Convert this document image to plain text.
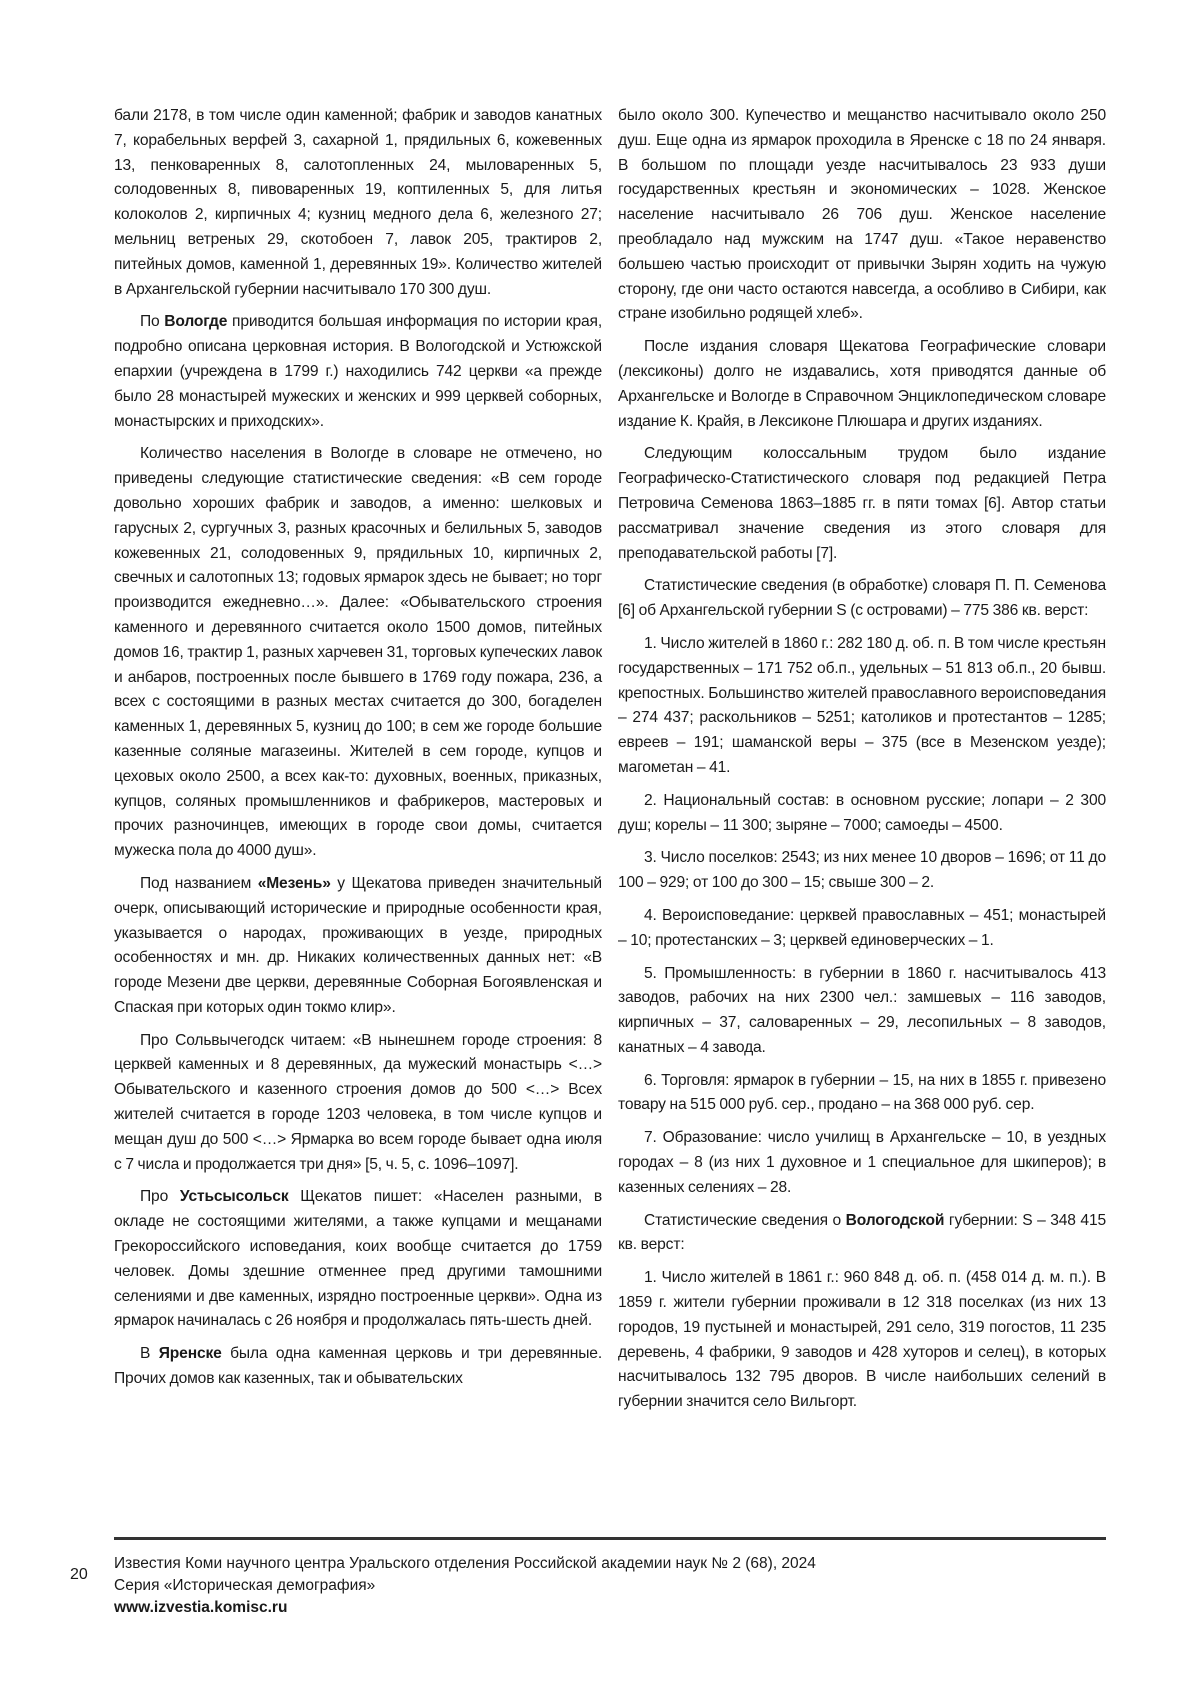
бали 2178, в том числе один каменной; фабрик и заводов канатных 7, корабельных верфей 3, сахарной 1, прядильных 6, кожевенных 13, пенковаренных 8, салотопленных 24, мыловаренных 5, солодовенных 8, пивоваренных 19, коптиленных 5, для литья колоколов 2, кирпичных 4; кузниц медного дела 6, железного 27; мельниц ветреных 29, скотобоен 7, лавок 205, трактиров 2, питейных домов, каменной 1, деревянных 19». Количество жителей в Архангельской губернии насчитывало 170 300 душ.

По Вологде приводится большая информация по истории края, подробно описана церковная история. В Вологодской и Устюжской епархии (учреждена в 1799 г.) находились 742 церкви «а прежде было 28 монастырей мужеских и женских и 999 церквей соборных, монастырских и приходских».

Количество населения в Вологде в словаре не отмечено, но приведены следующие статистические сведения: «В сем городе довольно хороших фабрик и заводов, а именно: шелковых и гарусных 2, сургучных 3, разных красочных и белильных 5, заводов кожевенных 21, солодовенных 9, прядильных 10, кирпичных 2, свечных и салотопных 13; годовых ярмарок здесь не бывает; но торг производится ежедневно…». Далее: «Обывательского строения каменного и деревянного считается около 1500 домов, питейных домов 16, трактир 1, разных харчевен 31, торговых купеческих лавок и анбаров, построенных после бывшего в 1769 году пожара, 236, а всех с состоящими в разных местах считается до 300, богаделен каменных 1, деревянных 5, кузниц до 100; в сем же городе большие казенные соляные магазеины. Жителей в сем городе, купцов и цеховых около 2500, а всех как-то: духовных, военных, приказных, купцов, соляных промышленников и фабрикеров, мастеровых и прочих разночинцев, имеющих в городе свои домы, считается мужеска пола до 4000 душ».

Под названием «Мезень» у Щекатова приведен значительный очерк, описывающий исторические и природные особенности края, указывается о народах, проживающих в уезде, природных особенностях и мн. др. Никаких количественных данных нет: «В городе Мезени две церкви, деревянные Соборная Богоявленская и Спаская при которых один токмо клир».

Про Сольвычегодск читаем: «В нынешнем городе строения: 8 церквей каменных и 8 деревянных, да мужеский монастырь <…> Обывательского и казенного строения домов до 500 <…> Всех жителей считается в городе 1203 человека, в том числе купцов и мещан душ до 500 <…> Ярмарка во всем городе бывает одна июля с 7 числа и продолжается три дня» [5, ч. 5, с. 1096–1097].

Про Устьсысольск Щекатов пишет: «Населен разными, в окладе не состоящими жителями, а также купцами и мещанами Грекороссийского исповедания, коих вообще считается до 1759 человек. Домы здешние отменнее пред другими тамошними селениями и две каменных, изрядно построенные церкви». Одна из ярмарок начиналась с 26 ноября и продолжалась пять-шесть дней.

В Яренске была одна каменная церковь и три деревянные. Прочих домов как казенных, так и обывательских

было около 300. Купечество и мещанство насчитывало около 250 душ. Еще одна из ярмарок проходила в Яренске с 18 по 24 января. В большом по площади уезде насчитывалось 23 933 души государственных крестьян и экономических – 1028. Женское население насчитывало 26 706 душ. Женское население преобладало над мужским на 1747 душ. «Такое неравенство большею частью происходит от привычки Зырян ходить на чужую сторону, где они часто остаются навсегда, а особливо в Сибири, как стране изобильно родящей хлеб».

После издания словаря Щекатова Географические словари (лексиконы) долго не издавались, хотя приводятся данные об Архангельске и Вологде в Справочном Энциклопедическом словаре издание К. Крайя, в Лексиконе Плюшара и других изданиях.

Следующим колоссальным трудом было издание Географическо-Статистического словаря под редакцией Петра Петровича Семенова 1863–1885 гг. в пяти томах [6]. Автор статьи рассматривал значение сведения из этого словаря для преподавательской работы [7].

Статистические сведения (в обработке) словаря П. П. Семенова [6] об Архангельской губернии S (с островами) – 775 386 кв. верст:

1. Число жителей в 1860 г.: 282 180 д. об. п. В том числе крестьян государственных – 171 752 об.п., удельных – 51 813 об.п., 20 бывш. крепостных. Большинство жителей православного вероисповедания – 274 437; раскольников – 5251; католиков и протестантов – 1285; евреев – 191; шаманской веры – 375 (все в Мезенском уезде); магометан – 41.

2. Национальный состав: в основном русские; лопари – 2 300 душ; корелы – 11 300; зыряне – 7000; самоеды – 4500.

3. Число поселков: 2543; из них менее 10 дворов – 1696; от 11 до 100 – 929; от 100 до 300 – 15; свыше 300 – 2.

4. Вероисповедание: церквей православных – 451; монастырей – 10; протестанских – 3; церквей единоверческих – 1.

5. Промышленность: в губернии в 1860 г. насчитывалось 413 заводов, рабочих на них 2300 чел.: замшевых – 116 заводов, кирпичных – 37, саловаренных – 29, лесопильных – 8 заводов, канатных – 4 завода.

6. Торговля: ярмарок в губернии – 15, на них в 1855 г. привезено товару на 515 000 руб. сер., продано – на 368 000 руб. сер.

7. Образование: число училищ в Архангельске – 10, в уездных городах – 8 (из них 1 духовное и 1 специальное для шкиперов); в казенных селениях – 28.

Статистические сведения о Вологодской губернии: S – 348 415 кв. верст:

1. Число жителей в 1861 г.: 960 848 д. об. п. (458 014 д. м. п.). В 1859 г. жители губернии проживали в 12 318 поселках (из них 13 городов, 19 пустыней и монастырей, 291 село, 319 погостов, 11 235 деревень, 4 фабрики, 9 заводов и 428 хуторов и селец), в которых насчитывалось 132 795 дворов. В числе наибольших селений в губернии значится село Вильгорт.

20
Известия Коми научного центра Уральского отделения Российской академии наук № 2 (68), 2024
Серия «Историческая демография»
www.izvestia.komisc.ru
